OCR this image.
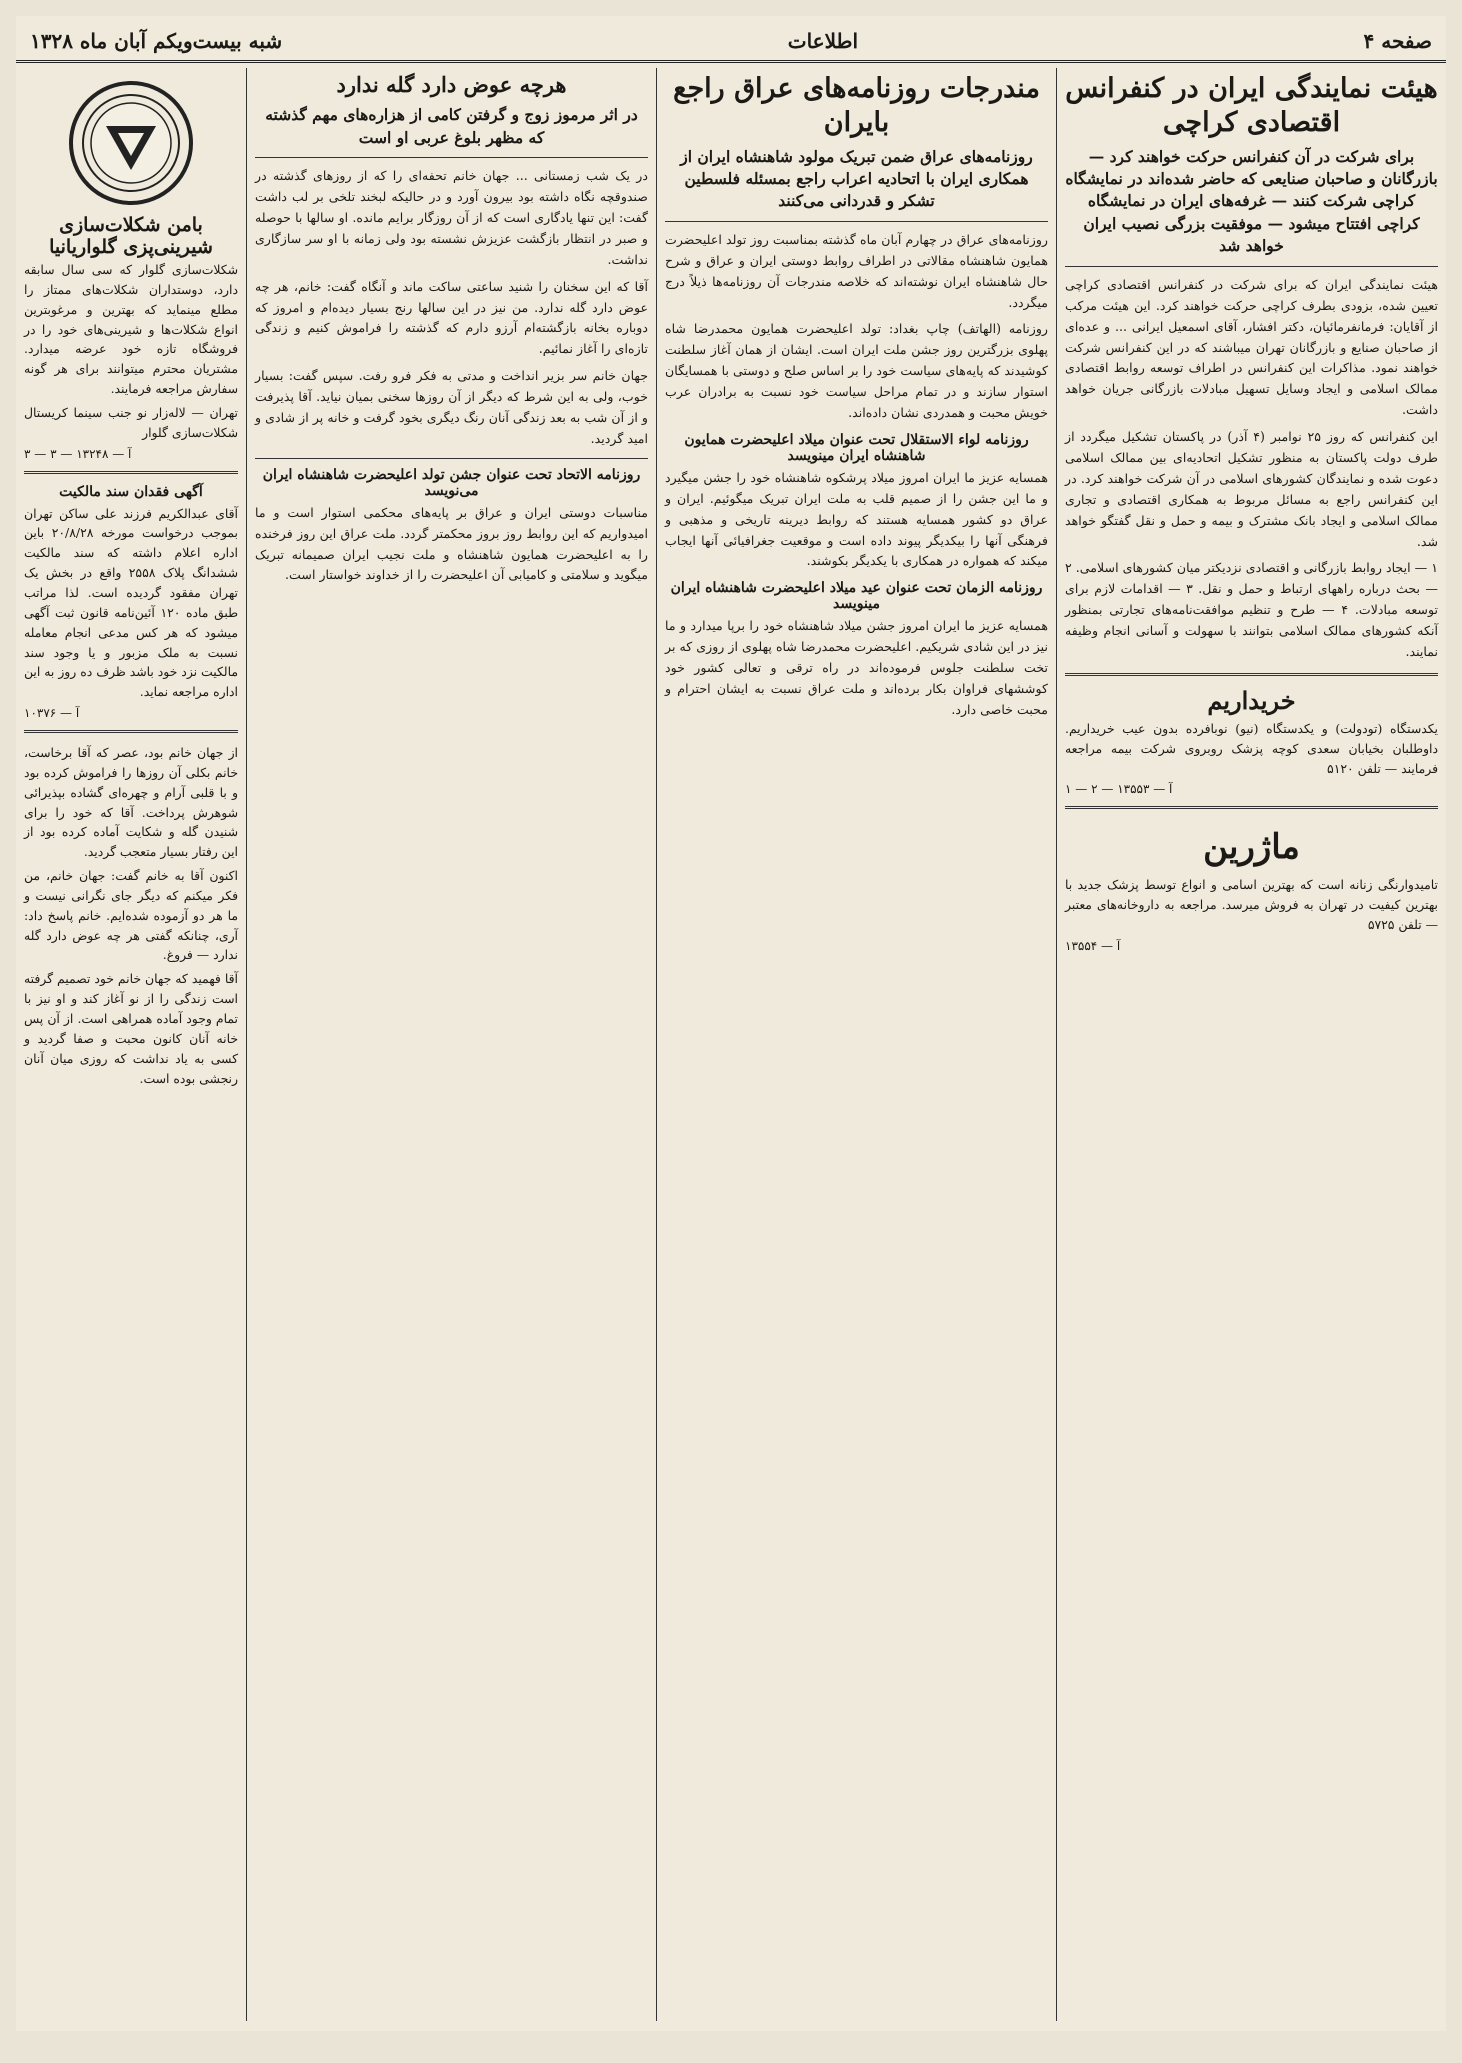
صفحه ۴
اطلاعات
شبه بیست‌ویکم آبان ماه ۱۳۲۸
هیئت نمایندگی ایران در کنفرانس اقتصادی کراچی
برای شرکت در آن کنفرانس حرکت خواهند کرد — بازرگانان و صاحبان صنایعی که حاضر شده‌اند در نمایشگاه کراچی شرکت کنند — غرفه‌های ایران در نمایشگاه کراچی افتتاح میشود — موفقیت بزرگی نصیب ایران خواهد شد

هیئت نمایندگی ایران که برای شرکت در کنفرانس اقتصادی کراچی تعیین شده، بزودی بطرف کراچی حرکت خواهند کرد. این هیئت مرکب از آقایان: فرمانفرمائیان، دکتر افشار، آقای اسمعیل ایرانی ... و عده‌ای از صاحبان صنایع و بازرگانان تهران میباشند که در این کنفرانس شرکت خواهند نمود. مذاکرات این کنفرانس در اطراف توسعه روابط اقتصادی ممالک اسلامی و ایجاد وسایل تسهیل مبادلات بازرگانی جریان خواهد داشت.

این کنفرانس که روز ۲۵ نوامبر (۴ آذر) در پاکستان تشکیل میگردد از طرف دولت پاکستان به منظور تشکیل اتحادیه‌ای بین ممالک اسلامی دعوت شده و نمایندگان کشورهای اسلامی در آن شرکت خواهند کرد. در این کنفرانس راجع به مسائل مربوط به همکاری اقتصادی و تجاری ممالک اسلامی و ایجاد بانک مشترک و بیمه و حمل و نقل گفتگو خواهد شد.

۱ — ایجاد روابط بازرگانی و اقتصادی نزدیکتر میان کشورهای اسلامی. ۲ — بحث درباره راههای ارتباط و حمل و نقل. ۳ — اقدامات لازم برای توسعه مبادلات. ۴ — طرح و تنظیم موافقت‌نامه‌های تجارتی بمنظور آنکه کشورهای ممالک اسلامی بتوانند با سهولت و آسانی انجام وظیفه نمایند.

خریداریم

یکدستگاه (تودولت) و یکدستگاه (نیو) نوبافرده بدون عیب خریداریم. داوطلبان بخیابان سعدی کوچه پزشک روبروی شرکت بیمه مراجعه فرمایند — تلفن ۵۱۲۰

آ — ۱۳۵۵۳ — ۲ — ۱
ماژرین

تامیدوارنگی زنانه است که بهترین اسامی و انواع توسط پزشک جدید با بهترین کیفیت در تهران به فروش میرسد. مراجعه به داروخانه‌های معتبر — تلفن ۵۷۲۵

آ — ۱۳۵۵۴
مندرجات روزنامه‌های عراق راجع بایران
روزنامه‌های عراق ضمن تبریک مولود شاهنشاه ایران از همکاری ایران با اتحادیه اعراب راجع بمسئله فلسطین تشکر و قدردانی می‌کنند

روزنامه‌های عراق در چهارم آبان ماه گذشته بمناسبت روز تولد اعلیحضرت همایون شاهنشاه مقالاتی در اطراف روابط دوستی ایران و عراق و شرح حال شاهنشاه ایران نوشته‌اند که خلاصه مندرجات آن روزنامه‌ها ذیلاً درج میگردد.

روزنامه (الهاتف) چاپ بغداد: تولد اعلیحضرت همایون محمدرضا شاه پهلوی بزرگترین روز جشن ملت ایران است. ایشان از همان آغاز سلطنت کوشیدند که پایه‌های سیاست خود را بر اساس صلح و دوستی با همسایگان استوار سازند و در تمام مراحل سیاست خود نسبت به برادران عرب خویش محبت و همدردی نشان داده‌اند.

روزنامه لواء الاستقلال تحت عنوان میلاد اعلیحضرت همایون شاهنشاه ایران مینویسد

همسایه عزیز ما ایران امروز میلاد پرشکوه شاهنشاه خود را جشن میگیرد و ما این جشن را از صمیم قلب به ملت ایران تبریک میگوئیم. ایران و عراق دو کشور همسایه هستند که روابط دیرینه تاریخی و مذهبی و فرهنگی آنها را بیکدیگر پیوند داده است و موقعیت جغرافیائی آنها ایجاب میکند که همواره در همکاری با یکدیگر بکوشند.

روزنامه الزمان تحت عنوان عید میلاد اعلیحضرت شاهنشاه ایران مینویسد

همسایه عزیز ما ایران امروز جشن میلاد شاهنشاه خود را برپا میدارد و ما نیز در این شادی شریکیم. اعلیحضرت محمدرضا شاه پهلوی از روزی که بر تخت سلطنت جلوس فرموده‌اند در راه ترقی و تعالی کشور خود کوششهای فراوان بکار برده‌اند و ملت عراق نسبت به ایشان احترام و محبت خاصی دارد.

هرچه عوض دارد گله ندارد
در اثر مرموز زوج و گرفتن کامی از هزاره‌های مهم گذشته که مظهر بلوغ عربی او است

در یک شب زمستانی ... جهان خانم تحفه‌ای را که از روزهای گذشته در صندوقچه نگاه داشته بود بیرون آورد و در حالیکه لبخند تلخی بر لب داشت گفت: این تنها یادگاری است که از آن روزگار برایم مانده. او سالها با حوصله و صبر در انتظار بازگشت عزیزش نشسته بود ولی زمانه با او سر سازگاری نداشت.

آقا که این سخنان را شنید ساعتی ساکت ماند و آنگاه گفت: خانم، هر چه عوض دارد گله ندارد. من نیز در این سالها رنج بسیار دیده‌ام و امروز که دوباره بخانه بازگشته‌ام آرزو دارم که گذشته را فراموش کنیم و زندگی تازه‌ای را آغاز نمائیم.

جهان خانم سر بزیر انداخت و مدتی به فکر فرو رفت. سپس گفت: بسیار خوب، ولی به این شرط که دیگر از آن روزها سخنی بمیان نیاید. آقا پذیرفت و از آن شب به بعد زندگی آنان رنگ دیگری بخود گرفت و خانه پر از شادی و امید گردید.

روزنامه الاتحاد تحت عنوان جشن تولد اعلیحضرت شاهنشاه ایران می‌نویسد

مناسبات دوستی ایران و عراق بر پایه‌های محکمی استوار است و ما امیدواریم که این روابط روز بروز محکمتر گردد. ملت عراق این روز فرخنده را به اعلیحضرت همایون شاهنشاه و ملت نجیب ایران صمیمانه تبریک میگوید و سلامتی و کامیابی آن اعلیحضرت را از خداوند خواستار است.

بامن شکلات‌سازی شیرینی‌پزی گلوار‌یا‌نیا

شکلات‌سازی گلوار که سی سال سابقه دارد، دوستداران شکلات‌های ممتاز را مطلع مینماید که بهترین و مرغوبترین انواع شکلات‌ها و شیرینی‌های خود را در فروشگاه تازه خود عرضه میدارد. مشتریان محترم میتوانند برای هر گونه سفارش مراجعه فرمایند.

تهران — لاله‌زار نو جنب سینما کریستال شکلات‌سازی گلوار

آ — ۱۳۲۴۸ — ۳ — ۳
آگهی فقدان سند مالکیت

آقای عبدالکریم فرزند علی ساکن تهران بموجب درخواست مورخه ۲۰/۸/۲۸ باین اداره اعلام داشته که سند مالکیت ششدانگ پلاک ۲۵۵۸ واقع در بخش یک تهران مفقود گردیده است. لذا مراتب طبق ماده ۱۲۰ آئین‌نامه قانون ثبت آگهی میشود که هر کس مدعی انجام معامله نسبت به ملک مزبور و یا وجود سند مالکیت نزد خود باشد ظرف ده روز به این اداره مراجعه نماید.

آ — ۱۰۳۷۶

از جهان خانم بود، عصر که آقا برخاست، خانم بکلی آن روزها را فراموش کرده بود و با قلبی آرام و چهره‌ای گشاده بپذیرائی شوهرش پرداخت. آقا که خود را برای شنیدن گله و شکایت آماده کرده بود از این رفتار بسیار متعجب گردید.

اکنون آقا به خانم گفت: جهان خانم، من فکر میکنم که دیگر جای نگرانی نیست و ما هر دو آزموده شده‌ایم. خانم پاسخ داد: آری، چنانکه گفتی هر چه عوض دارد گله ندارد — فروغ.

آقا فهمید که جهان خانم خود تصمیم گرفته است زندگی را از نو آغاز کند و او نیز با تمام وجود آماده همراهی است. از آن پس خانه آنان کانون محبت و صفا گردید و کسی به یاد نداشت که روزی میان آنان رنجشی بوده است.
